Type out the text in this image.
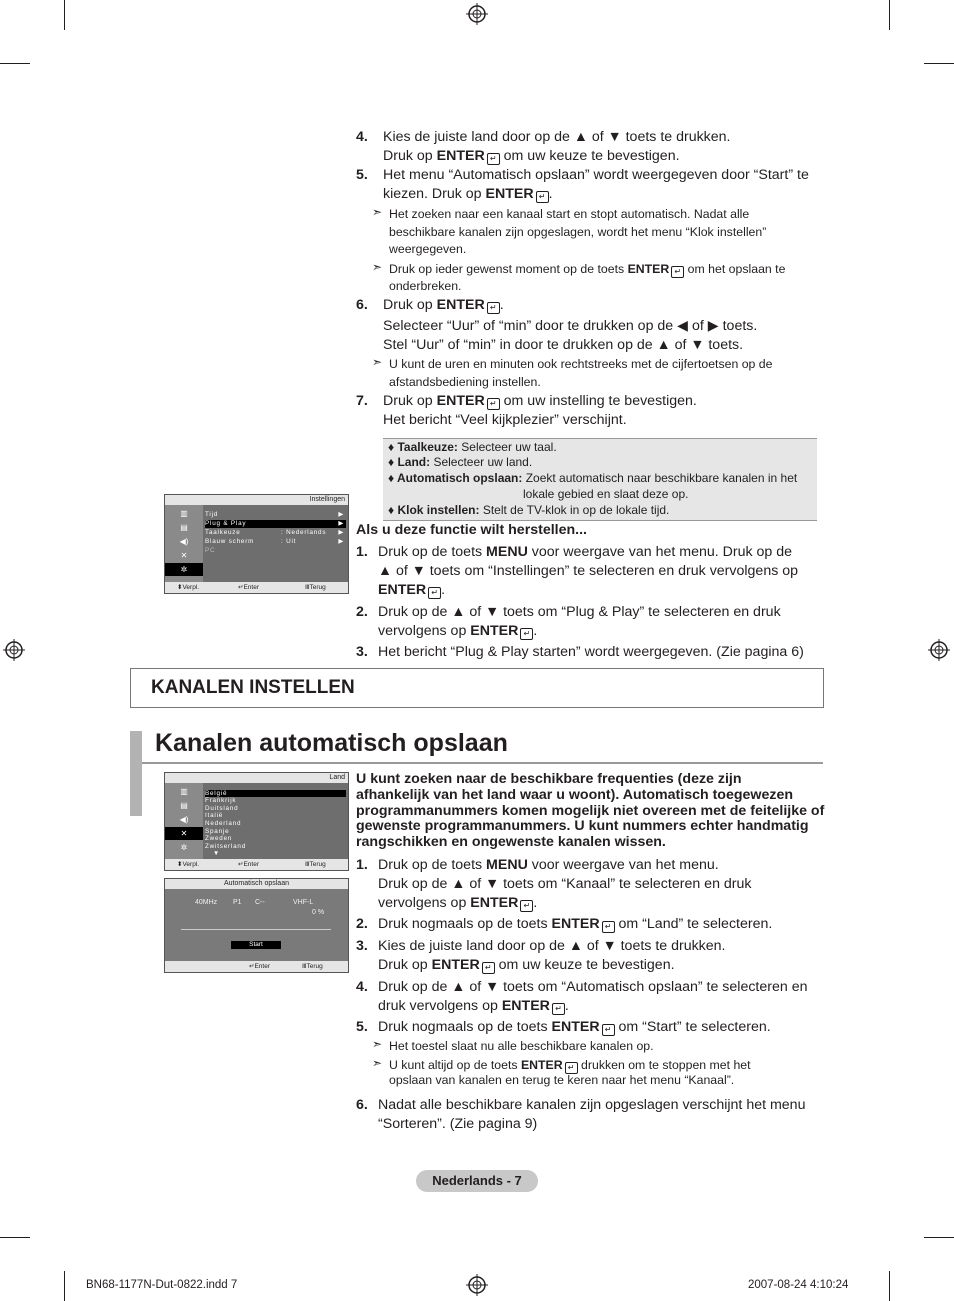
4. Kies de juiste land door op de ▲ of ▼ toets te drukken.
Druk op ENTER ↵ om uw keuze te bevestigen.
5. Het menu “Automatisch opslaan” wordt weergegeven door “Start” te
kiezen. Druk op ENTER ↵ .
➣ Het zoeken naar een kanaal start en stopt automatisch. Nadat alle
beschikbare kanalen zijn opgeslagen, wordt het menu “Klok instellen”
weergegeven.
➣ Druk op ieder gewenst moment op de toets ENTER ↵ om het opslaan te
onderbreken.
6. Druk op ENTER ↵ .
Selecteer “Uur” of “min” door te drukken op de ◀ of ▶ toets.
Stel “Uur” of “min” in door te drukken op de ▲ of ▼ toets.
➣ U kunt de uren en minuten ook rechtstreeks met de cijfertoetsen op de
afstandsbediening instellen.
7. Druk op ENTER ↵ om uw instelling te bevestigen.
Het bericht “Veel kijkplezier” verschijnt.
♦ Taalkeuze: Selecteer uw taal.
♦ Land: Selecteer uw land.
♦ Automatisch opslaan: Zoekt automatisch naar beschikbare kanalen in het
lokale gebied en slaat deze op.
♦ Klok instellen: Stelt de TV-klok in op de lokale tijd.
Instellingen
▥
▤
◀)
✕
✲
Tijd	▶
Plug & Play	▶
Taalkeuze	: Nederlands ▶
Blauw scherm	: Uit	▶
PC
⬍ Verpl.	↵ Enter	Ⅲ Terug
Als u deze functie wilt herstellen...
1. Druk op de toets MENU voor weergave van het menu. Druk op de
▲ of ▼ toets om “Instellingen” te selecteren en druk vervolgens op
ENTER ↵ .
2. Druk op de ▲ of ▼ toets om “Plug & Play” te selecteren en druk
vervolgens op ENTER ↵ .
3. Het bericht “Plug & Play starten” wordt weergegeven. (Zie pagina 6)
KANALEN INSTELLEN
Kanalen automatisch opslaan
Land
▥
▤
◀)
✕
✲
België
Frankrijk
Duitsland
Italië
Nederland
Spanje
Zweden
Zwitserland
▼
⬍ Verpl.	↵ Enter	Ⅲ Terug
Automatisch opslaan
40MHz P1 C--	VHF-L
0 %
Start
↵ Enter	Ⅲ Terug
U kunt zoeken naar de beschikbare frequenties (deze zijn
afhankelijk van het land waar u woont). Automatisch toegewezen
programmanummers komen mogelijk niet overeen met de feitelijke of
gewenste programmanummers. U kunt nummers echter handmatig
rangschikken en ongewenste kanalen wissen.
1. Druk op de toets MENU voor weergave van het menu.
Druk op de ▲ of ▼ toets om “Kanaal” te selecteren en druk
vervolgens op ENTER ↵ .
2. Druk nogmaals op de toets ENTER ↵ om “Land” te selecteren.
3. Kies de juiste land door op de ▲ of ▼ toets te drukken.
Druk op ENTER ↵ om uw keuze te bevestigen.
4. Druk op de ▲ of ▼ toets om “Automatisch opslaan” te selecteren en
druk vervolgens op ENTER ↵ .
5. Druk nogmaals op de toets ENTER ↵ om “Start” te selecteren.
➣ Het toestel slaat nu alle beschikbare kanalen op.
➣ U kunt altijd op de toets ENTER ↵ drukken om te stoppen met het
opslaan van kanalen en terug te keren naar het menu “Kanaal”.
6. Nadat alle beschikbare kanalen zijn opgeslagen verschijnt het menu
“Sorteren”. (Zie pagina 9)
Nederlands - 7
BN68-1177N-Dut-0822.indd 7	2007-08-24 4:10:24
